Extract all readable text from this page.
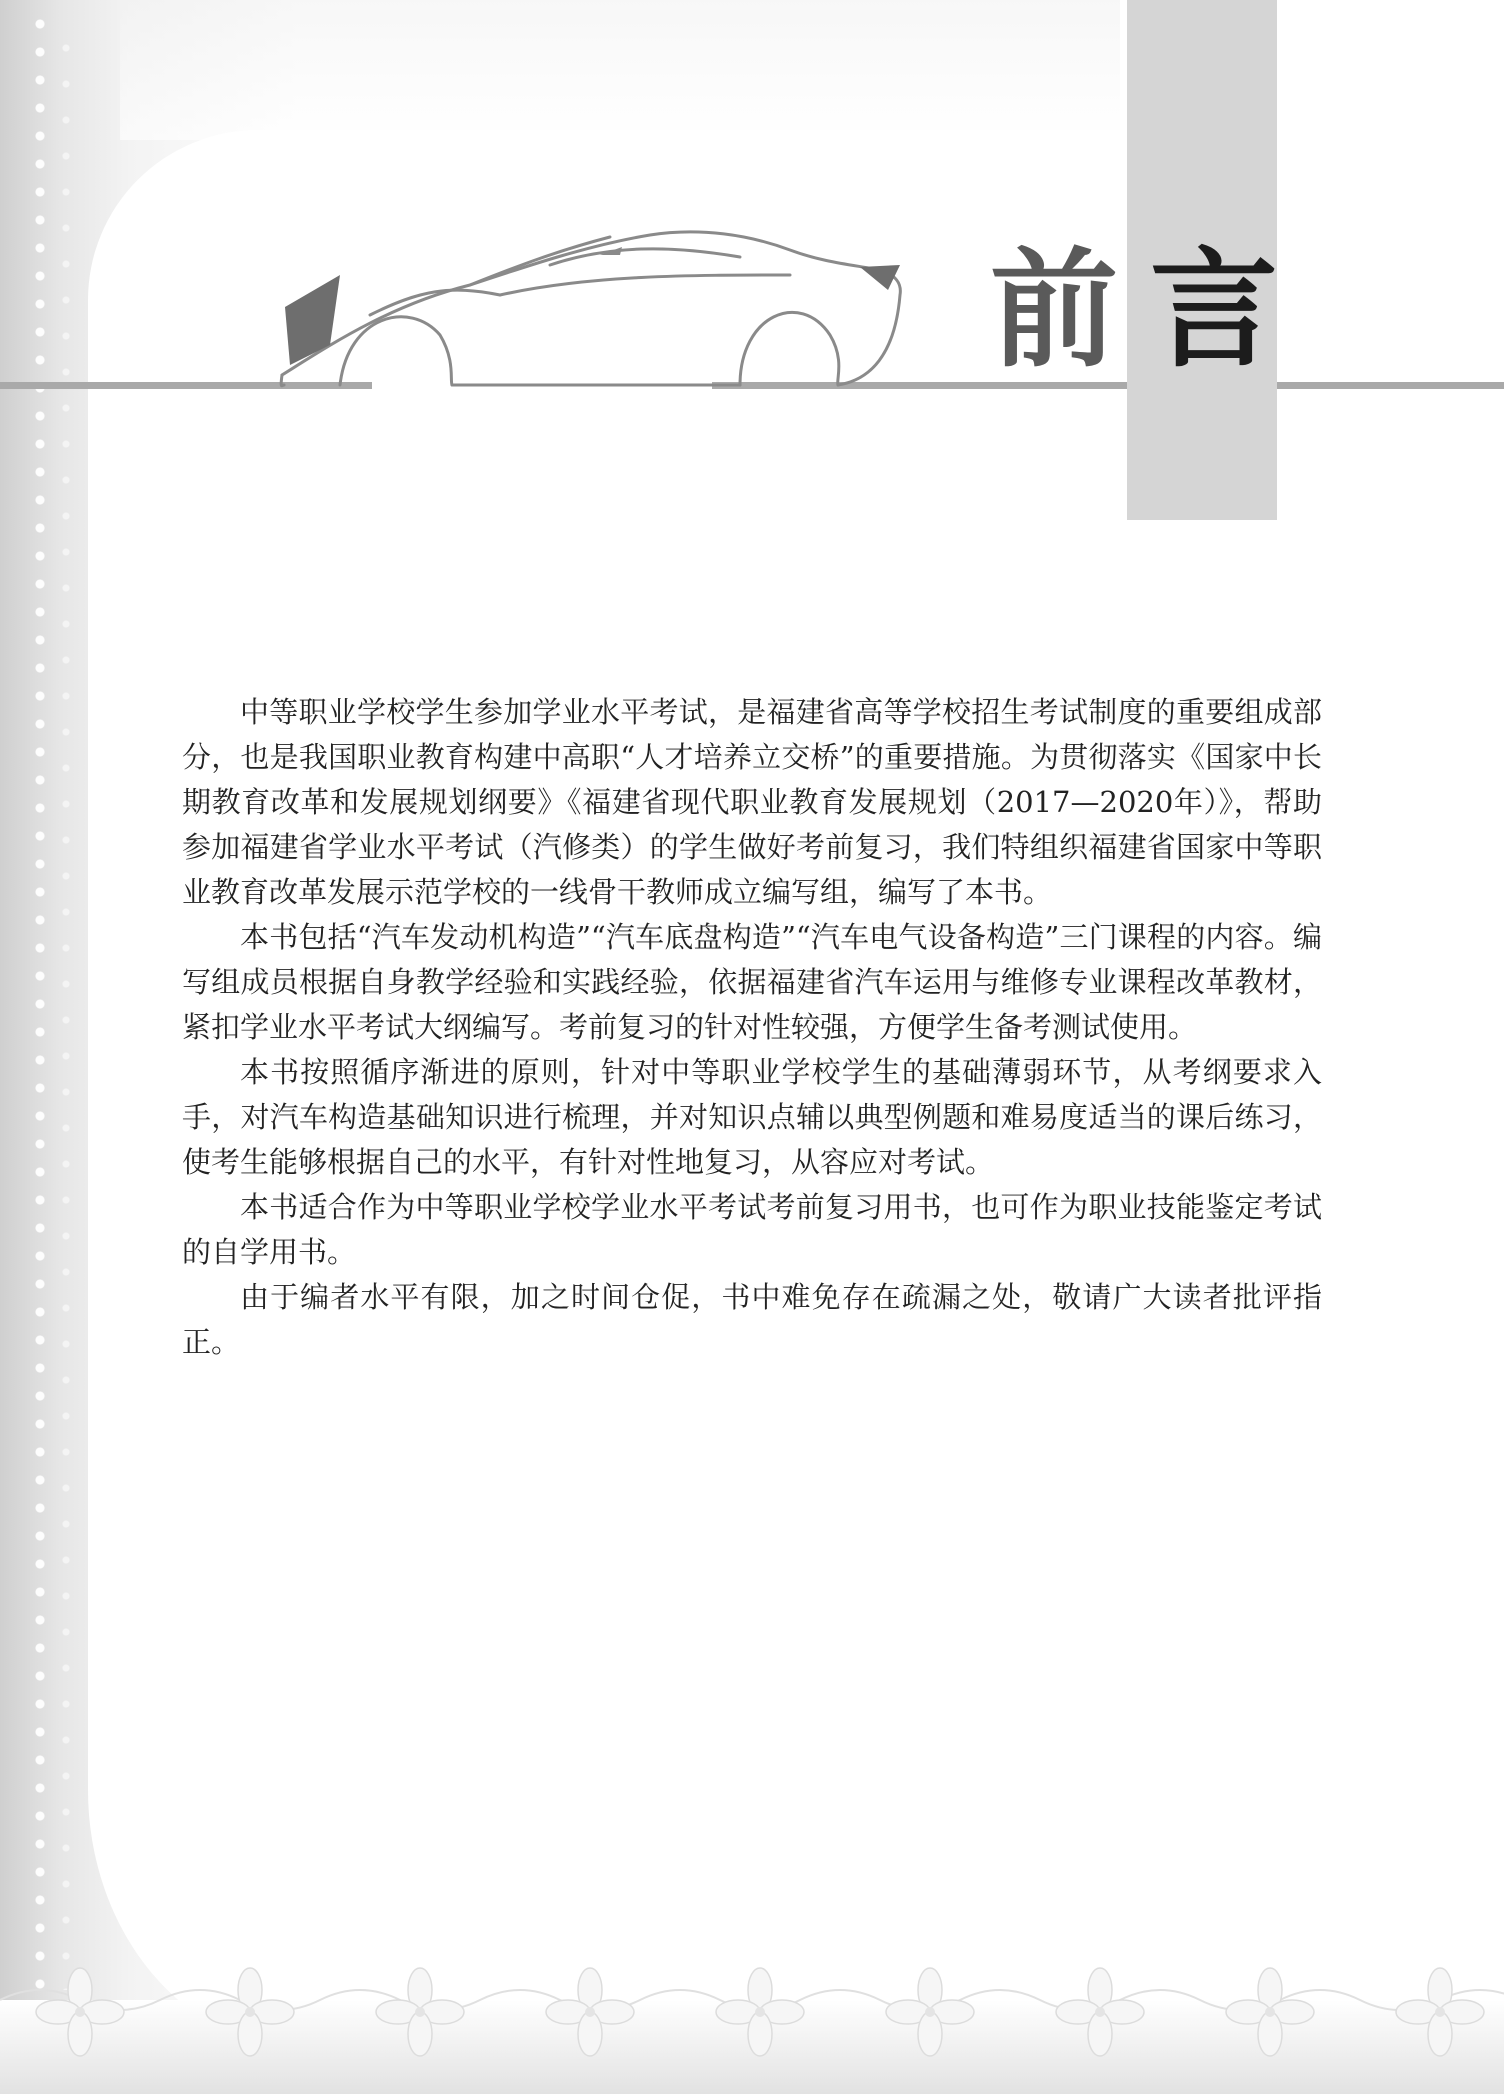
前 言

中等职业学校学生参加学业水平考试，是福建省高等学校招生考试制度的重要组成部分，也是我国职业教育构建中高职“人才培养立交桥”的重要措施。为贯彻落实《国家中长期教育改革和发展规划纲要》《福建省现代职业教育发展规划（2017—2020年）》，帮助参加福建省学业水平考试（汽修类）的学生做好考前复习，我们特组织福建省国家中等职业教育改革发展示范学校的一线骨干教师成立编写组，编写了本书。

本书包括“汽车发动机构造”“汽车底盘构造”“汽车电气设备构造”三门课程的内容。编写组成员根据自身教学经验和实践经验，依据福建省汽车运用与维修专业课程改革教材，紧扣学业水平考试大纲编写。考前复习的针对性较强，方便学生备考测试使用。

本书按照循序渐进的原则，针对中等职业学校学生的基础薄弱环节，从考纲要求入手，对汽车构造基础知识进行梳理，并对知识点辅以典型例题和难易度适当的课后练习，使考生能够根据自己的水平，有针对性地复习，从容应对考试。

本书适合作为中等职业学校学业水平考试考前复习用书，也可作为职业技能鉴定考试的自学用书。

由于编者水平有限，加之时间仓促，书中难免存在疏漏之处，敬请广大读者批评指正。
